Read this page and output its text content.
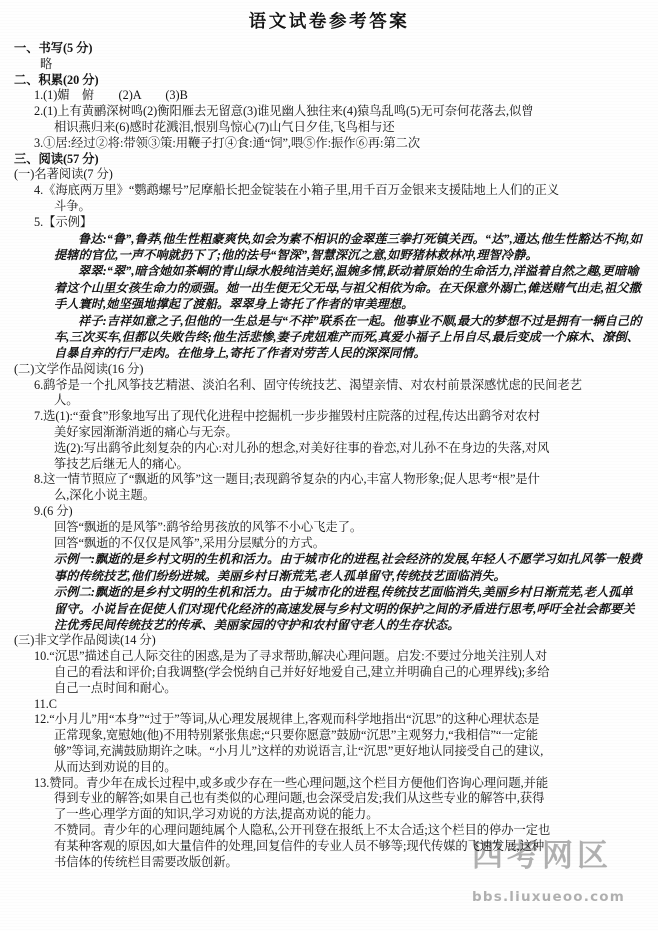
语文试卷参考答案
一、书写(5 分)
略
二、积累(20 分)
1.(1)媚　俯　　(2)A　　(3)B
2.(1)上有黄鹂深树鸣(2)衡阳雁去无留意(3)谁见幽人独往来(4)猿鸟乱鸣(5)无可奈何花落去,似曾
相识燕归来(6)感时花溅泪,恨别鸟惊心(7)山气日夕佳,飞鸟相与还
3.①居:经过②将:带领③策:用鞭子打④食:通“饲”,喂⑤作:振作⑥再:第二次
三、阅读(57 分)
(一)名著阅读(7 分)
4.《海底两万里》“鹦鹉螺号”尼摩船长把金锭装在小箱子里,用千百万金银来支援陆地上人们的正义
斗争。
5.【示例】
鲁达:“鲁”,鲁莽,他生性粗豪爽快,如会为素不相识的金翠莲三拳打死镇关西。“达”,通达,他生性豁达不拘,如提辖的官位,一声不响就扔下了;他的法号“智深”,智慧深沉之意,如野猪林救林冲,理智冷静。
翠翠:“翠”,暗含她如茶峒的青山绿水般纯洁美好,温婉多情,跃动着原始的生命活力,洋溢着自然之趣,更暗喻着这个山里女孩生命力的顽强。她一出生便无父无母,与祖父相依为命。在天保意外溺亡,傩送赌气出走,祖父撒手人寰时,她坚强地撑起了渡船。翠翠身上寄托了作者的审美理想。
祥子:吉祥如意之子,但他的一生总是与“不祥”联系在一起。他事业不顺,最大的梦想不过是拥有一辆自己的车,三次买车,但都以失败告终;他生活悲惨,妻子虎妞难产而死,真爱小福子上吊自尽,最后变成一个麻木、潦倒、自暴自弃的行尸走肉。在他身上,寄托了作者对劳苦人民的深深同情。
(二)文学作品阅读(16 分)
6.鹞爷是一个扎风筝技艺精湛、淡泊名利、固守传统技艺、渴望亲情、对农村前景深感忧虑的民间老艺
人。
7.选(1):“蚕食”形象地写出了现代化进程中挖掘机一步步摧毁村庄院落的过程,传达出鹞爷对农村
美好家园渐渐消逝的痛心与无奈。
选(2):写出鹞爷此刻复杂的内心:对儿孙的想念,对美好往事的眷恋,对儿孙不在身边的失落,对风
筝技艺后继无人的痛心。
8.这一情节照应了“飘逝的风筝”这一题目;表现鹞爷复杂的内心,丰富人物形象;促人思考“根”是什
么,深化小说主题。
9.(6 分)
回答“飘逝的是风筝”:鹞爷给男孩放的风筝不小心飞走了。
回答“飘逝的不仅仅是风筝”,采用分层赋分的方式。
示例一:飘逝的是乡村文明的生机和活力。由于城市化的进程,社会经济的发展,年轻人不愿学习如扎风筝一般费事的传统技艺,他们纷纷进城。美丽乡村日渐荒芜,老人孤单留守,传统技艺面临消失。
示例二:飘逝的是乡村文明的生机和活力。由于城市化的进程,传统技艺面临消失,美丽乡村日渐荒芜,老人孤单留守。小说旨在促使人们对现代化经济的高速发展与乡村文明的保护之间的矛盾进行思考,呼吁全社会都要关注优秀民间传统技艺的传承、美丽家园的守护和农村留守老人的生存状态。
(三)非文学作品阅读(14 分)
10.“沉思”描述自己人际交往的困惑,是为了寻求帮助,解决心理问题。启发:不要过分地关注别人对
自己的看法和评价;自我调整(学会悦纳自己并好好地爱自己,建立并明确自己的心理界线);多给
自己一点时间和耐心。
11.C
12.“小月儿”用“本身”“过于”等词,从心理发展规律上,客观而科学地指出“沉思”的这种心理状态是
正常现象,宽慰她(他)不用特别紧张焦虑;“只要你愿意”鼓励“沉思”主观努力,“我相信”“一定能
够”等词,充满鼓励期许之味。“小月儿”这样的劝说语言,让“沉思”更好地认同接受自己的建议,
从而达到劝说的目的。
13.赞同。青少年在成长过程中,或多或少存在一些心理问题,这个栏目方便他们咨询心理问题,并能
得到专业的解答;如果自己也有类似的心理问题,也会深受启发;我们从这些专业的解答中,获得
了一些心理学方面的知识,学习劝说的方法,提高劝说的能力。
不赞同。青少年的心理问题纯属个人隐私,公开刊登在报纸上不太合适;这个栏目的停办一定也
有某种客观的原因,如大量信件的处理,回复信件的专业人员不够等;现代传媒的飞速发展,这种
书信体的传统栏目需要改版创新。	四考网区
bbs.liuxueoo.com
